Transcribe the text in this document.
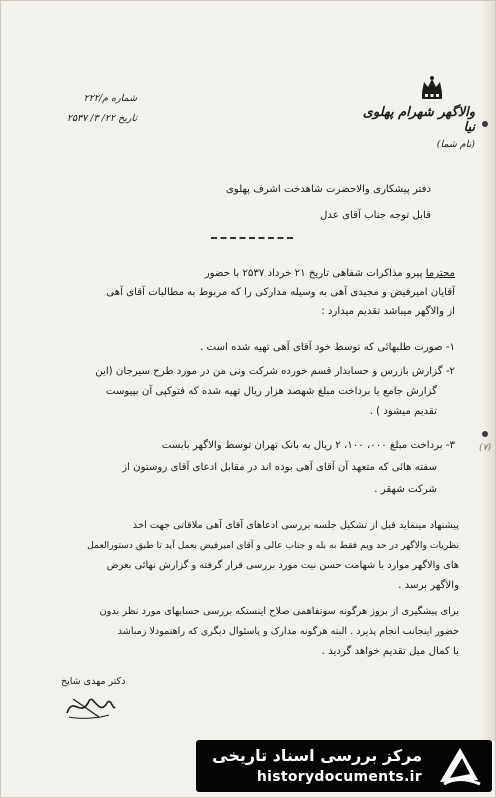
شماره م/۲۲۲
تاریخ ۲۲/ ۳/ ۲۵۳۷	والاگهر شهرام پهلوی نیا
(نام شما)
دفتر پیشکاری والاحضرت شاهدخت اشرف پهلوی
قابل توجه جناب آقای عدل
محترما پیرو مذاکرات شفاهی تاریخ ۲۱ خرداد ۲۵۳۷ با حضور
آقایان امیرفیض و مجیدی آهی به وسیله مدارکی را که مربوط به مطالبات آقای آهی
از والاگهر میباشد تقدیم میدارد :
۱- صورت طلبهائی که توسط خود آقای آهی تهیه شده است .
۲- گزارش بازرس و حسابدار قسم خورده شرکت ونی من در مورد طرح سیرجان (این
گزارش جامع یا برداخت مبلغ شهصد هزار ریال تهیه شده که فتوکپی آن بپیوست
تقدیم میشود ) .
۳- برداخت مبلغ ۰۰۰، ۱۰۰، ۲ ریال به بانک تهران توسط والاگهر بابست
سفته هائی که متعهد آن آقای آهی بوده اند در مقابل ادعای آقای روستون از
شرکت شهقر .
(۷)
پیشنهاد مینماید قبل از تشکیل جلسه بررسی ادعاهای آقای آهی ملاقاتی جهت اخذ
نظریات والاگهر در حد ویم فقط به بله و جناب عالی و آقای امیرفیض بعمل آید تا طبق دستورالعمل
های والاگهر موارد با شهامت حسن نیت مورد بررسی قرار گرفته و گزارش نهائی بعرض
والاگهر برسد .
برای پیشگیری از بروز هرگونه سوتفاهمی صلاح اینستکه بررسی حسابهای مورد نظر بدون
حضور اینجانب انجام پذیرد . البته هرگونه مدارک و پاسئوال دیگری که راهنمودلا زمباشد
با کمال میل تقدیم خواهد گردید .
دکتر مهدی شایخ
مرکز بررسی اسناد تاریخی
historydocuments.ir
